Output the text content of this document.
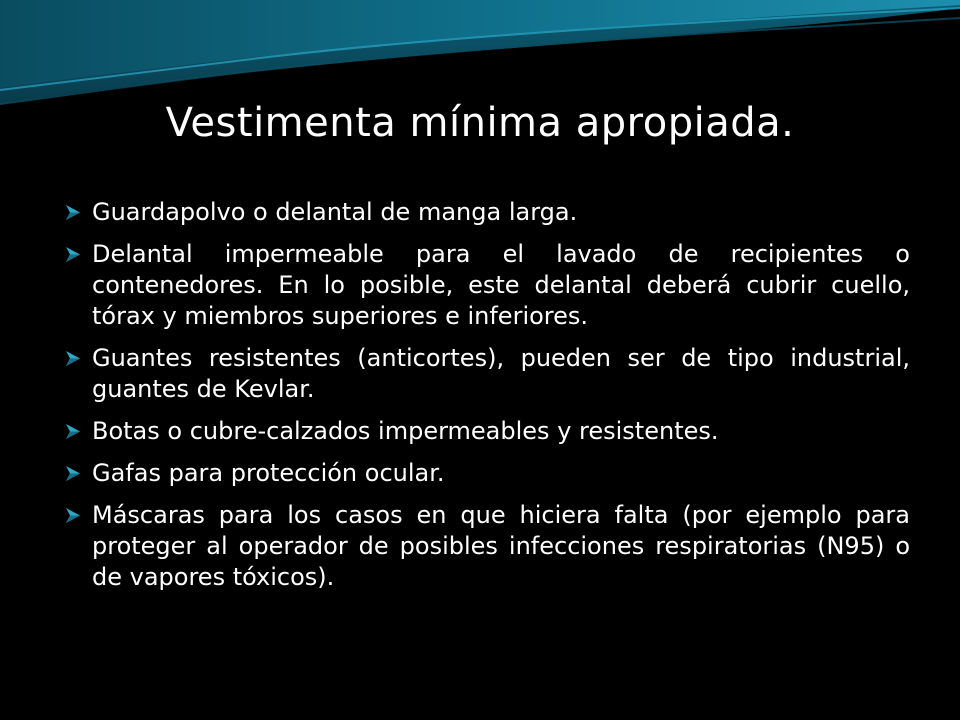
Vestimenta mínima apropiada.
Guardapolvo o delantal de manga larga.
Delantal impermeable para el lavado de recipientes o contenedores. En lo posible, este delantal deberá cubrir cuello, tórax y miembros superiores e inferiores.
Guantes resistentes (anticortes), pueden ser de tipo industrial, guantes de Kevlar.
Botas o cubre-calzados impermeables y resistentes.
Gafas para protección ocular.
Máscaras para los casos en que hiciera falta (por ejemplo para proteger al operador de posibles infecciones respiratorias (N95) o de vapores tóxicos).
